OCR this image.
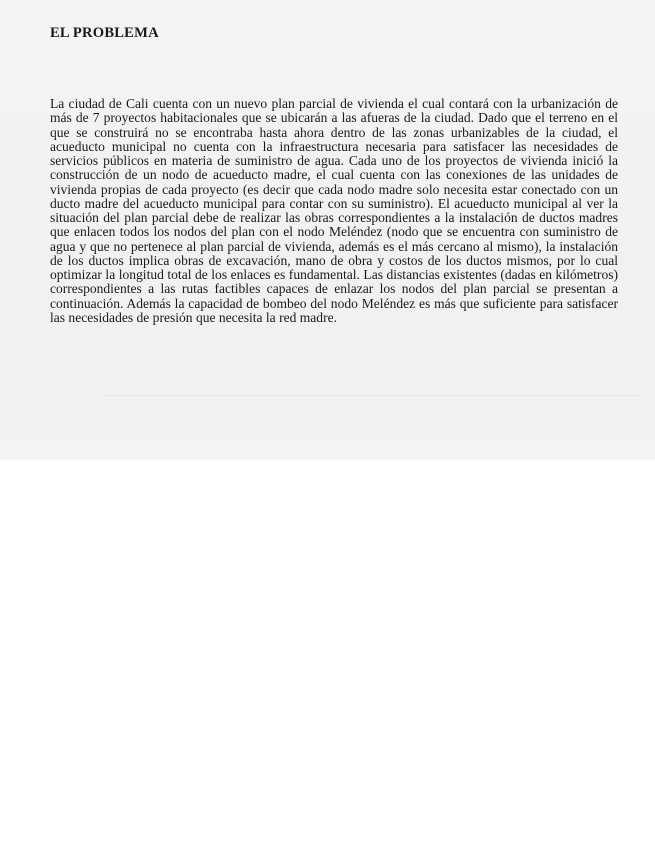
EL PROBLEMA

La ciudad de Cali cuenta con un nuevo plan parcial de vivienda el cual contará con la urbanización de más de 7 proyectos habitacionales que se ubicarán a las afueras de la ciudad. Dado que el terreno en el que se construirá no se encontraba hasta ahora dentro de las zonas urbanizables de la ciudad, el acueducto municipal no cuenta con la infraestructura necesaria para satisfacer las necesidades de servicios públicos en materia de suministro de agua. Cada uno de los proyectos de vivienda inició la construcción de un nodo de acueducto madre, el cual cuenta con las conexiones de las unidades de vivienda propias de cada proyecto (es decir que cada nodo madre solo necesita estar conectado con un ducto madre del acueducto municipal para contar con su suministro). El acueducto municipal al ver la situación del plan parcial debe de realizar las obras correspondientes a la instalación de ductos madres que enlacen todos los nodos del plan con el nodo Meléndez (nodo que se encuentra con suministro de agua y que no pertenece al plan parcial de vivienda, además es el más cercano al mismo), la instalación de los ductos implica obras de excavación, mano de obra y costos de los ductos mismos, por lo cual optimizar la longitud total de los enlaces es fundamental. Las distancias existentes (dadas en kilómetros) correspondientes a las rutas factibles capaces de enlazar los nodos del plan parcial se presentan a continuación. Además la capacidad de bombeo del nodo Meléndez es más que suficiente para satisfacer las necesidades de presión que necesita la red madre.
